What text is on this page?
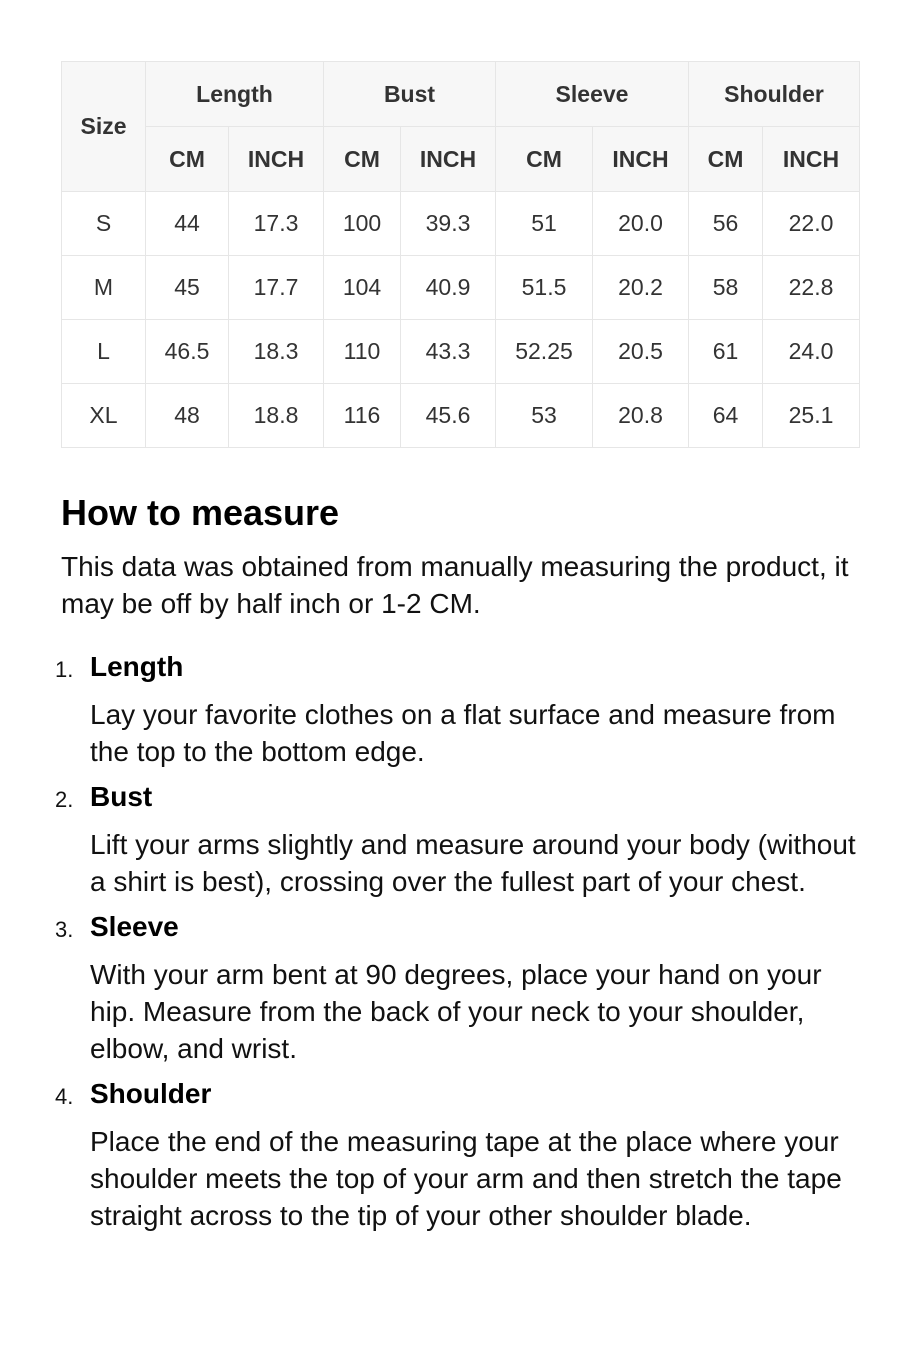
Size	Length		Bust		Sleeve		Shoulder	
	CM	INCH	CM	INCH	CM	INCH	CM	INCH
S	44	17.3	100	39.3	51	20.0	56	22.0
M	45	17.7	104	40.9	51.5	20.2	58	22.8
L	46.5	18.3	110	43.3	52.25	20.5	61	24.0
XL	48	18.8	116	45.6	53	20.8	64	25.1
How to measure

This data was obtained from manually measuring the product, it may be off by half inch or 1-2 CM.

1. Length
Lay your favorite clothes on a flat surface and measure from the top to the bottom edge.
2. Bust
Lift your arms slightly and measure around your body (without a shirt is best), crossing over the fullest part of your chest.
3. Sleeve
With your arm bent at 90 degrees, place your hand on your hip. Measure from the back of your neck to your shoulder, elbow, and wrist.
4. Shoulder
Place the end of the measuring tape at the place where your shoulder meets the top of your arm and then stretch the tape straight across to the tip of your other shoulder blade.
